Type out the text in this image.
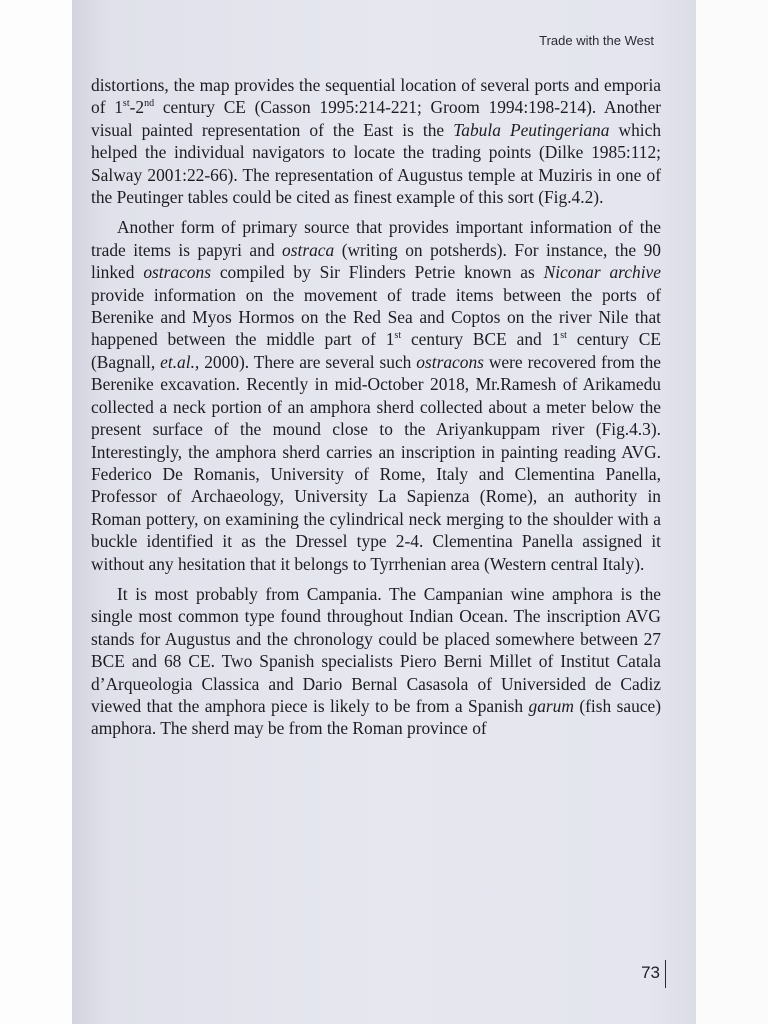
Trade with the West

distortions, the map provides the sequential location of several ports and emporia of 1st-2nd century CE (Casson 1995:214-221; Groom 1994:198-214). Another visual painted representation of the East is the Tabula Peutingeriana which helped the individual navigators to locate the trading points (Dilke 1985:112; Salway 2001:22-66). The representation of Augustus temple at Muziris in one of the Peutinger tables could be cited as finest example of this sort (Fig.4.2).

Another form of primary source that provides important information of the trade items is papyri and ostraca (writing on potsherds). For instance, the 90 linked ostracons compiled by Sir Flinders Petrie known as Niconar archive provide information on the movement of trade items between the ports of Berenike and Myos Hormos on the Red Sea and Coptos on the river Nile that happened between the middle part of 1st century BCE and 1st century CE (Bagnall, et.al., 2000). There are several such ostracons were recovered from the Berenike excavation. Recently in mid-October 2018, Mr.Ramesh of Arikamedu collected a neck portion of an amphora sherd collected about a meter below the present surface of the mound close to the Ariyankuppam river (Fig.4.3). Interestingly, the amphora sherd carries an inscription in painting reading AVG. Federico De Romanis, University of Rome, Italy and Clementina Panella, Professor of Archaeology, University La Sapienza (Rome), an authority in Roman pottery, on examining the cylindrical neck merging to the shoulder with a buckle identified it as the Dressel type 2-4. Clementina Panella assigned it without any hesitation that it belongs to Tyrrhenian area (Western central Italy).

It is most probably from Campania. The Campanian wine amphora is the single most common type found throughout Indian Ocean. The inscription AVG stands for Augustus and the chronology could be placed somewhere between 27 BCE and 68 CE. Two Spanish specialists Piero Berni Millet of Institut Catala d’Arqueologia Classica and Dario Bernal Casasola of Universided de Cadiz viewed that the amphora piece is likely to be from a Spanish garum (fish sauce) amphora. The sherd may be from the Roman province of

73
